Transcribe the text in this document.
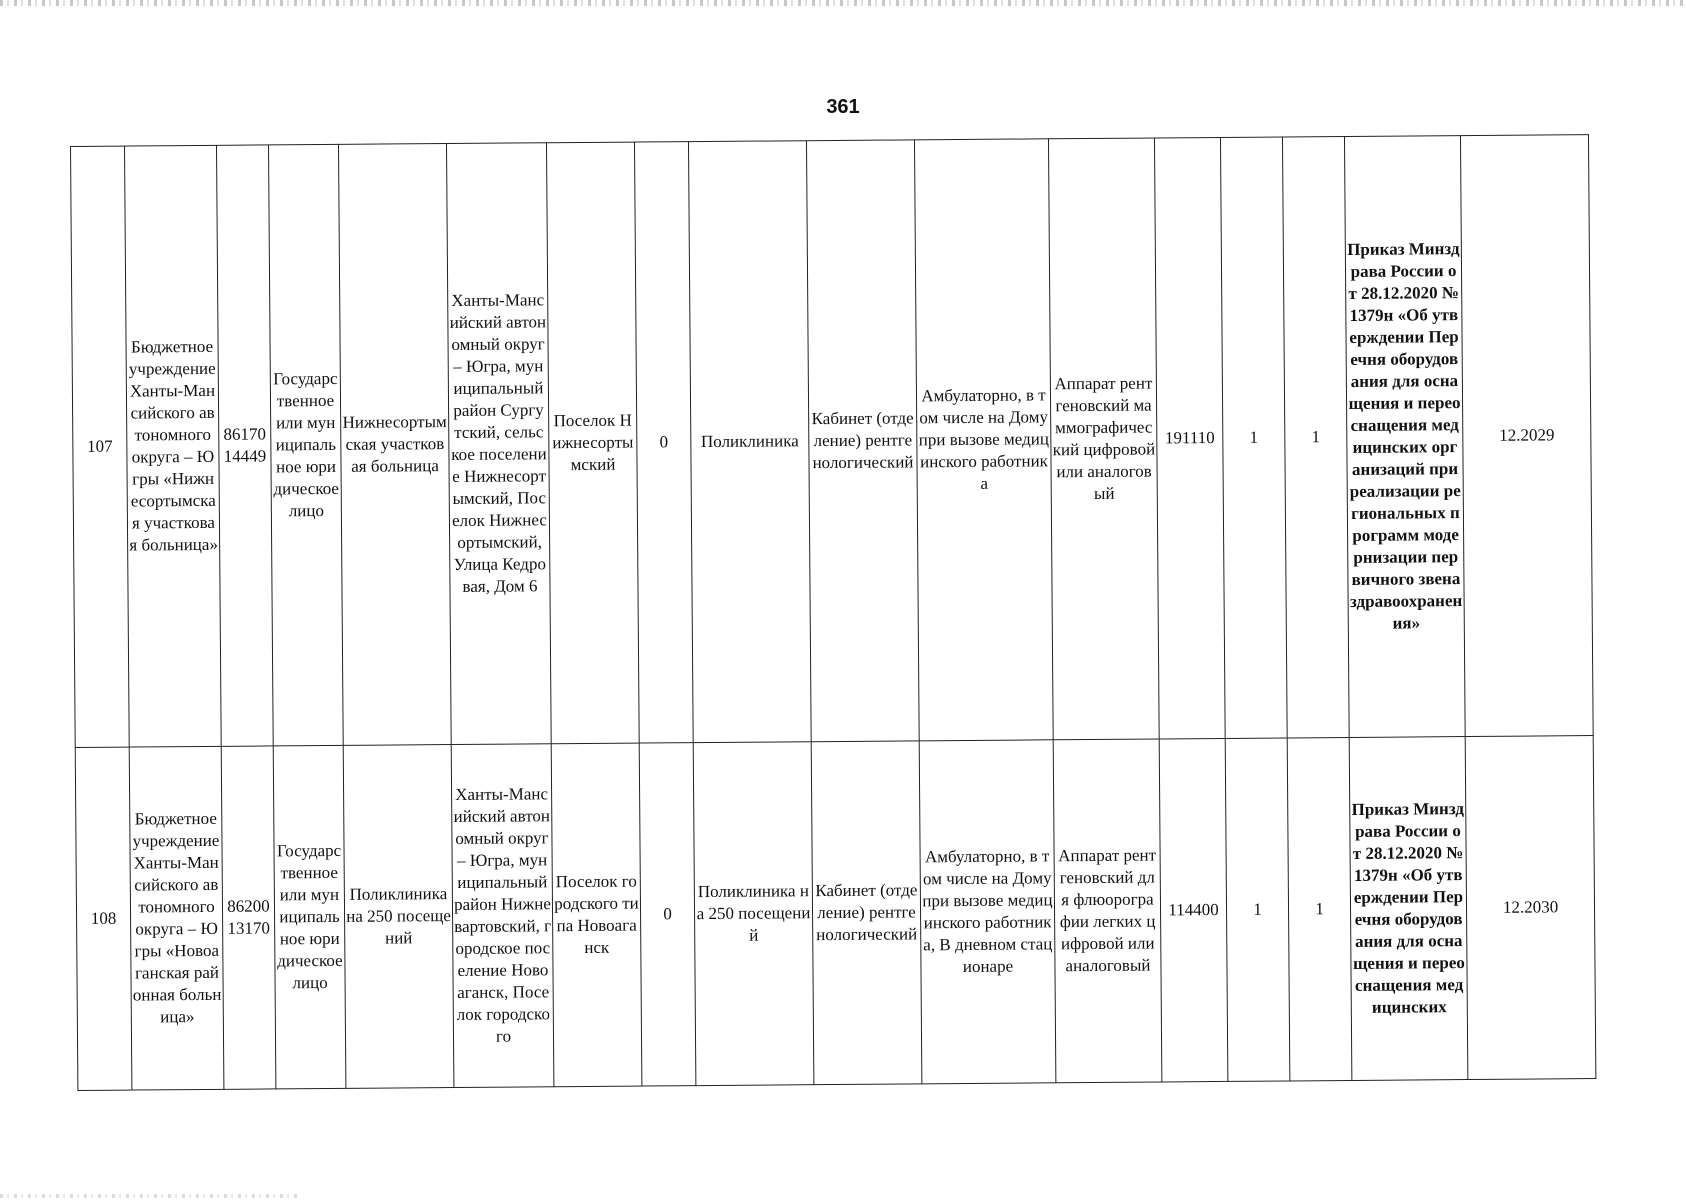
361
107	Бюджетное учреждение Ханты-Мансийского автономного округа – Югры «Нижнесортымская участковая больница»	8617014449	Государственное или муниципальное юридическое лицо	Нижнесортымская участковая больница	Ханты-Мансийский автономный округ – Югра, муниципальный район Сургутский, сельское поселение Нижнесортымский, Поселок Нижнесортымский, Улица Кедровая, Дом 6	Поселок Нижнесортымский	0	Поликлиника	Кабинет (отделение) рентгенологический	Амбулаторно, в том числе на Дому при вызове медицинского работника	Аппарат рентгеновский маммографический цифровой или аналоговый	191110	1	1	Приказ Минздрава России от 28.12.2020 № 1379н «Об утверждении Перечня оборудования для оснащения и переоснащения медицинских организаций при реализации региональных программ модернизации первичного звена здравоохранения»	12.2029
108	Бюджетное учреждение Ханты-Мансийского автономного округа – Югры «Новоаганская районная больница»	8620013170	Государственное или муниципальное юридическое лицо	Поликлиника на 250 посещений	Ханты-Мансийский автономный округ – Югра, муниципальный район Нижневартовский, городское поселение Новоаганск, Поселок городского	Поселок городского типа Новоаганск	0	Поликлиника на 250 посещений	Кабинет (отделение) рентгенологический	Амбулаторно, в том числе на Дому при вызове медицинского работника, В дневном стационаре	Аппарат рентгеновский для флюорографии легких цифровой или аналоговый	114400	1	1	Приказ Минздрава России от 28.12.2020 № 1379н «Об утверждении Перечня оборудования для оснащения и переоснащения медицинских	12.2030
